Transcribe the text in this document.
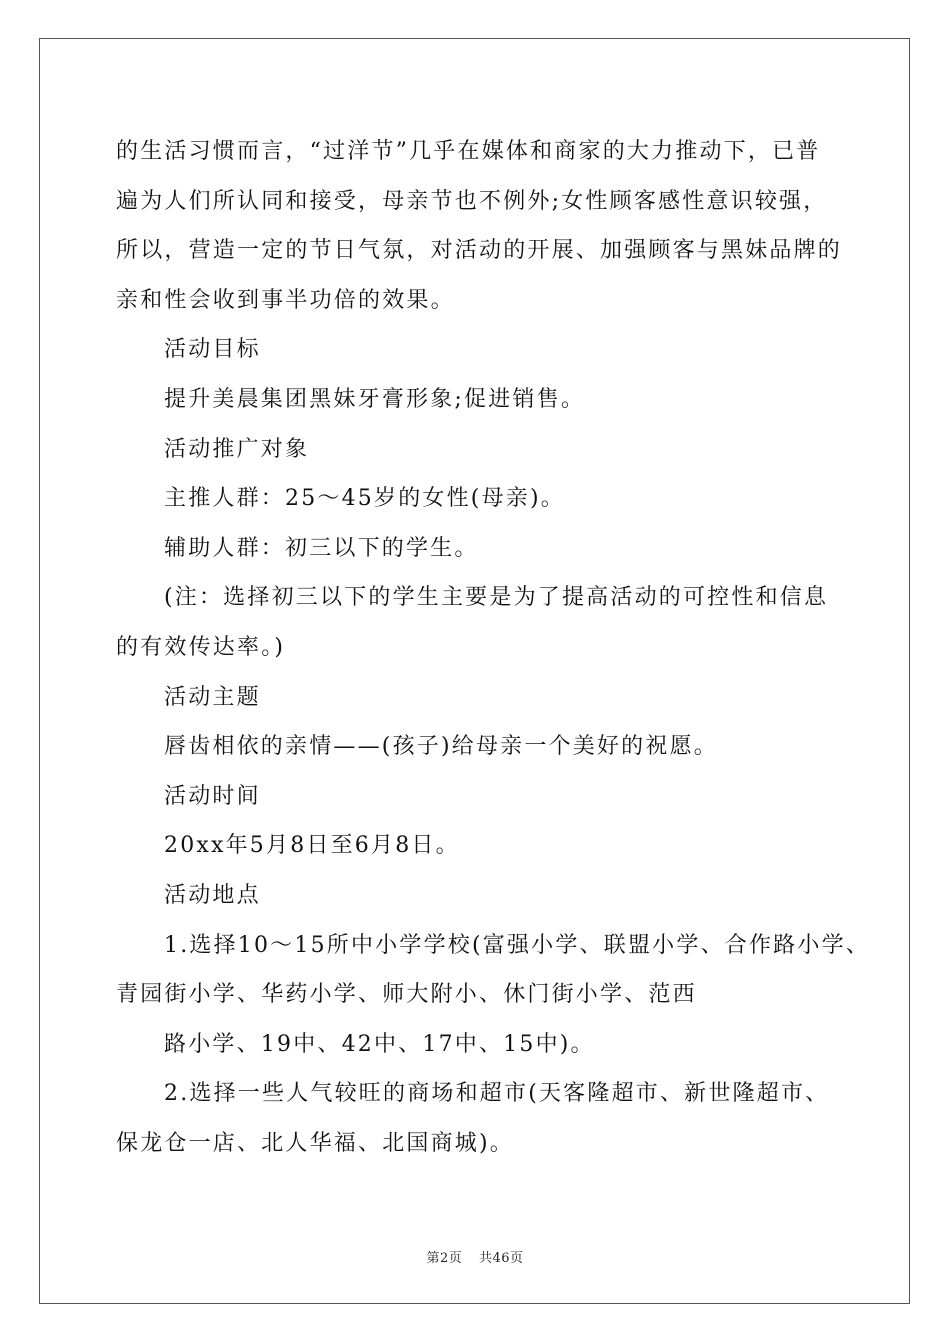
的生活习惯而言，“过洋节”几乎在媒体和商家的大力推动下，已普
遍为人们所认同和接受，母亲节也不例外;女性顾客感性意识较强，
所以，营造一定的节日气氛，对活动的开展、加强顾客与黑妹品牌的
亲和性会收到事半功倍的效果。
活动目标
提升美晨集团黑妹牙膏形象;促进销售。
活动推广对象
主推人群：25～45岁的女性(母亲)。
辅助人群：初三以下的学生。
(注：选择初三以下的学生主要是为了提高活动的可控性和信息
的有效传达率。)
活动主题
唇齿相依的亲情——(孩子)给母亲一个美好的祝愿。
活动时间
20xx年5月8日至6月8日。
活动地点
1.选择10～15所中小学学校(富强小学、联盟小学、合作路小学、
青园街小学、华药小学、师大附小、休门街小学、范西
路小学、19中、42中、17中、15中)。
2.选择一些人气较旺的商场和超市(天客隆超市、新世隆超市、
保龙仓一店、北人华福、北国商城)。
第2页 共46页
